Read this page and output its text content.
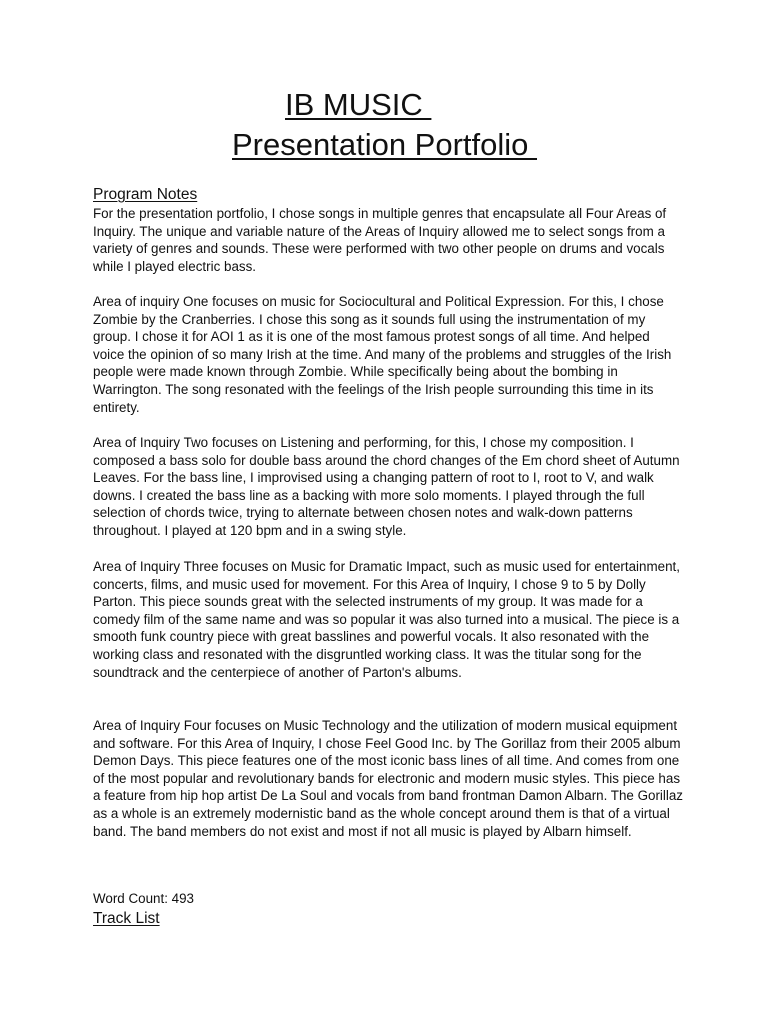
IB MUSIC
Presentation Portfolio
Program Notes

For the presentation portfolio, I chose songs in multiple genres that encapsulate all Four Areas of Inquiry. The unique and variable nature of the Areas of Inquiry allowed me to select songs from a variety of genres and sounds. These were performed with two other people on drums and vocals while I played electric bass.

Area of inquiry One focuses on music for Sociocultural and Political Expression. For this, I chose Zombie by the Cranberries. I chose this song as it sounds full using the instrumentation of my group. I chose it for AOI 1 as it is one of the most famous protest songs of all time. And helped voice the opinion of so many Irish at the time. And many of the problems and struggles of the Irish people were made known through Zombie. While specifically being about the bombing in Warrington. The song resonated with the feelings of the Irish people surrounding this time in its entirety.

Area of Inquiry Two focuses on Listening and performing, for this, I chose my composition. I composed a bass solo for double bass around the chord changes of the Em chord sheet of Autumn Leaves. For the bass line, I improvised using a changing pattern of root to I, root to V, and walk downs. I created the bass line as a backing with more solo moments. I played through the full selection of chords twice, trying to alternate between chosen notes and walk-down patterns throughout. I played at 120 bpm and in a swing style.

Area of Inquiry Three focuses on Music for Dramatic Impact, such as music used for entertainment, concerts, films, and music used for movement. For this Area of Inquiry, I chose 9 to 5 by Dolly Parton. This piece sounds great with the selected instruments of my group. It was made for a comedy film of the same name and was so popular it was also turned into a musical. The piece is a smooth funk country piece with great basslines and powerful vocals. It also resonated with the working class and resonated with the disgruntled working class. It was the titular song for the soundtrack and the centerpiece of another of Parton's albums.

Area of Inquiry Four focuses on Music Technology and the utilization of modern musical equipment and software. For this Area of Inquiry, I chose Feel Good Inc. by The Gorillaz from their 2005 album Demon Days. This piece features one of the most iconic bass lines of all time. And comes from one of the most popular and revolutionary bands for electronic and modern music styles. This piece has a feature from hip hop artist De La Soul and vocals from band frontman Damon Albarn. The Gorillaz as a whole is an extremely modernistic band as the whole concept around them is that of a virtual band. The band members do not exist and most if not all music is played by Albarn himself.

Word Count: 493
Track List
